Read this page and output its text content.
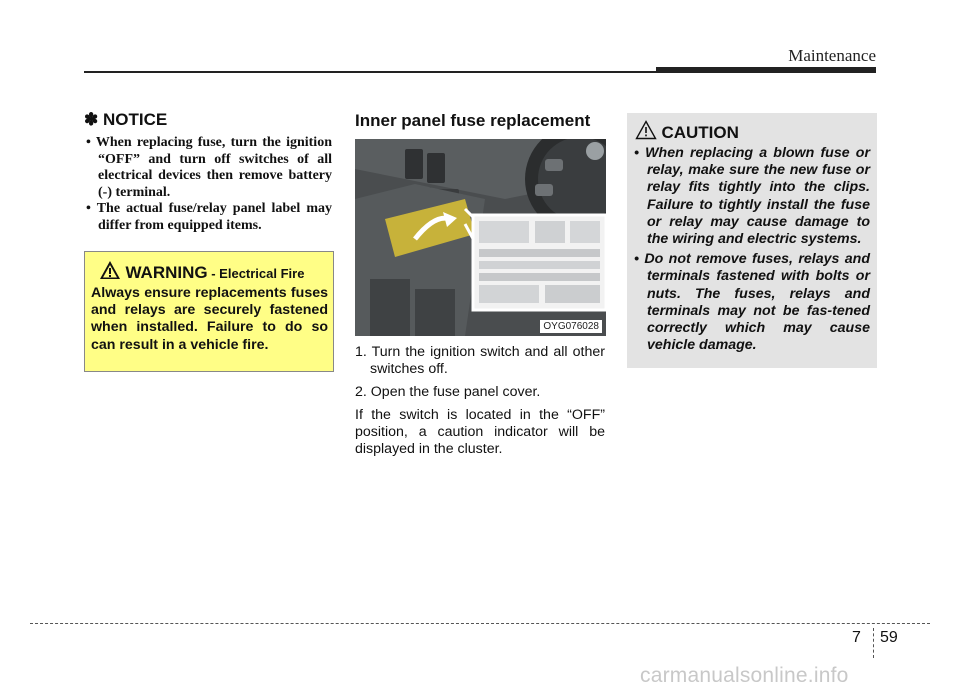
Maintenance
✽ NOTICE
• When replacing fuse, turn the ignition “OFF” and turn off switches of all electrical devices then remove battery (-) terminal.
• The actual fuse/relay panel label may differ from equipped items.
WARNING - Electrical Fire
Always ensure replacements fuses and relays are securely fastened when installed. Failure to do so can result in a vehicle fire.
Inner panel fuse replacement
OYG076028
1. Turn the ignition switch and all other switches off.
2. Open the fuse panel cover.
If the switch is located in the “OFF” position, a caution indicator will be displayed in the cluster.
CAUTION
• When replacing a blown fuse or relay, make sure the new fuse or relay fits tightly into the clips. Failure to tightly install the fuse or relay may cause damage to the wiring and electric systems.
• Do not remove fuses, relays and terminals fastened with bolts or nuts. The fuses, relays and terminals may not be fas-tened correctly which may cause vehicle damage.
7 59
carmanualsonline.info
